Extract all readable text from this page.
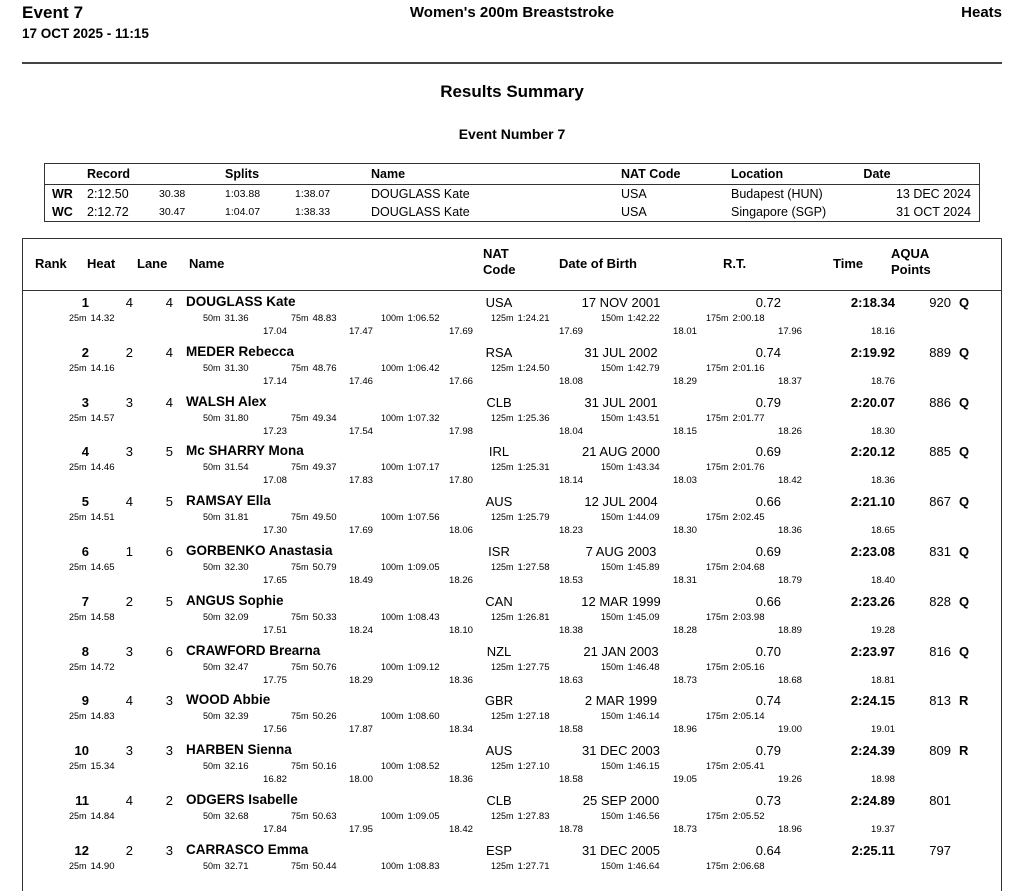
Event 7
17 OCT 2025 - 11:15
Women's 200m Breaststroke	Heats
Results Summary
Event Number 7
	Record		Splits		Name	NAT Code	Location	Date
WR	2:12.50	30.38	1:03.88	1:38.07	DOUGLASS Kate	USA	Budapest (HUN)	13 DEC 2024
WC	2:12.72	30.47	1:04.07	1:38.33	DOUGLASS Kate	USA	Singapore (SGP)	31 OCT 2024
Rank Heat Lane Name
NAT
Code	Date of Birth	R.T.	Time
AQUA
Points
1	4	4 DOUGLASS Kate	USA	17 NOV 2001	0.72	2:18.34	920 Q
25m 14.32	50m 31.36	75m 48.83	100m 1:06.52	125m 1:24.21	150m 1:42.22	175m 2:00.18
17.04	17.47	17.69	17.69	18.01	17.96	18.16
2	2	4 MEDER Rebecca	RSA	31 JUL 2002	0.74	2:19.92	889 Q
25m 14.16	50m 31.30	75m 48.76	100m 1:06.42	125m 1:24.50	150m 1:42.79	175m 2:01.16
17.14	17.46	17.66	18.08	18.29	18.37	18.76
3	3	4 WALSH Alex	CLB	31 JUL 2001	0.79	2:20.07	886 Q
25m 14.57	50m 31.80	75m 49.34	100m 1:07.32	125m 1:25.36	150m 1:43.51	175m 2:01.77
17.23	17.54	17.98	18.04	18.15	18.26	18.30
4	3	5 Mc SHARRY Mona	IRL	21 AUG 2000	0.69	2:20.12	885 Q
25m 14.46	50m 31.54	75m 49.37	100m 1:07.17	125m 1:25.31	150m 1:43.34	175m 2:01.76
17.08	17.83	17.80	18.14	18.03	18.42	18.36
5	4	5 RAMSAY Ella	AUS	12 JUL 2004	0.66	2:21.10	867 Q
25m 14.51	50m 31.81	75m 49.50	100m 1:07.56	125m 1:25.79	150m 1:44.09	175m 2:02.45
17.30	17.69	18.06	18.23	18.30	18.36	18.65
6	1	6 GORBENKO Anastasia	ISR	7 AUG 2003	0.69	2:23.08	831 Q
25m 14.65	50m 32.30	75m 50.79	100m 1:09.05	125m 1:27.58	150m 1:45.89	175m 2:04.68
17.65	18.49	18.26	18.53	18.31	18.79	18.40
7	2	5 ANGUS Sophie	CAN	12 MAR 1999	0.66	2:23.26	828 Q
25m 14.58	50m 32.09	75m 50.33	100m 1:08.43	125m 1:26.81	150m 1:45.09	175m 2:03.98
17.51	18.24	18.10	18.38	18.28	18.89	19.28
8	3	6 CRAWFORD Brearna	NZL	21 JAN 2003	0.70	2:23.97	816 Q
25m 14.72	50m 32.47	75m 50.76	100m 1:09.12	125m 1:27.75	150m 1:46.48	175m 2:05.16
17.75	18.29	18.36	18.63	18.73	18.68	18.81
9	4	3 WOOD Abbie	GBR	2 MAR 1999	0.74	2:24.15	813 R
25m 14.83	50m 32.39	75m 50.26	100m 1:08.60	125m 1:27.18	150m 1:46.14	175m 2:05.14
17.56	17.87	18.34	18.58	18.96	19.00	19.01
10	3	3 HARBEN Sienna	AUS	31 DEC 2003	0.79	2:24.39	809 R
25m 15.34	50m 32.16	75m 50.16	100m 1:08.52	125m 1:27.10	150m 1:46.15	175m 2:05.41
16.82	18.00	18.36	18.58	19.05	19.26	18.98
11	4	2 ODGERS Isabelle	CLB	25 SEP 2000	0.73	2:24.89	801
25m 14.84	50m 32.68	75m 50.63	100m 1:09.05	125m 1:27.83	150m 1:46.56	175m 2:05.52
17.84	17.95	18.42	18.78	18.73	18.96	19.37
12	2	3 CARRASCO Emma	ESP	31 DEC 2005	0.64	2:25.11	797
25m 14.90	50m 32.71	75m 50.44	100m 1:08.83	125m 1:27.71	150m 1:46.64	175m 2:06.68
